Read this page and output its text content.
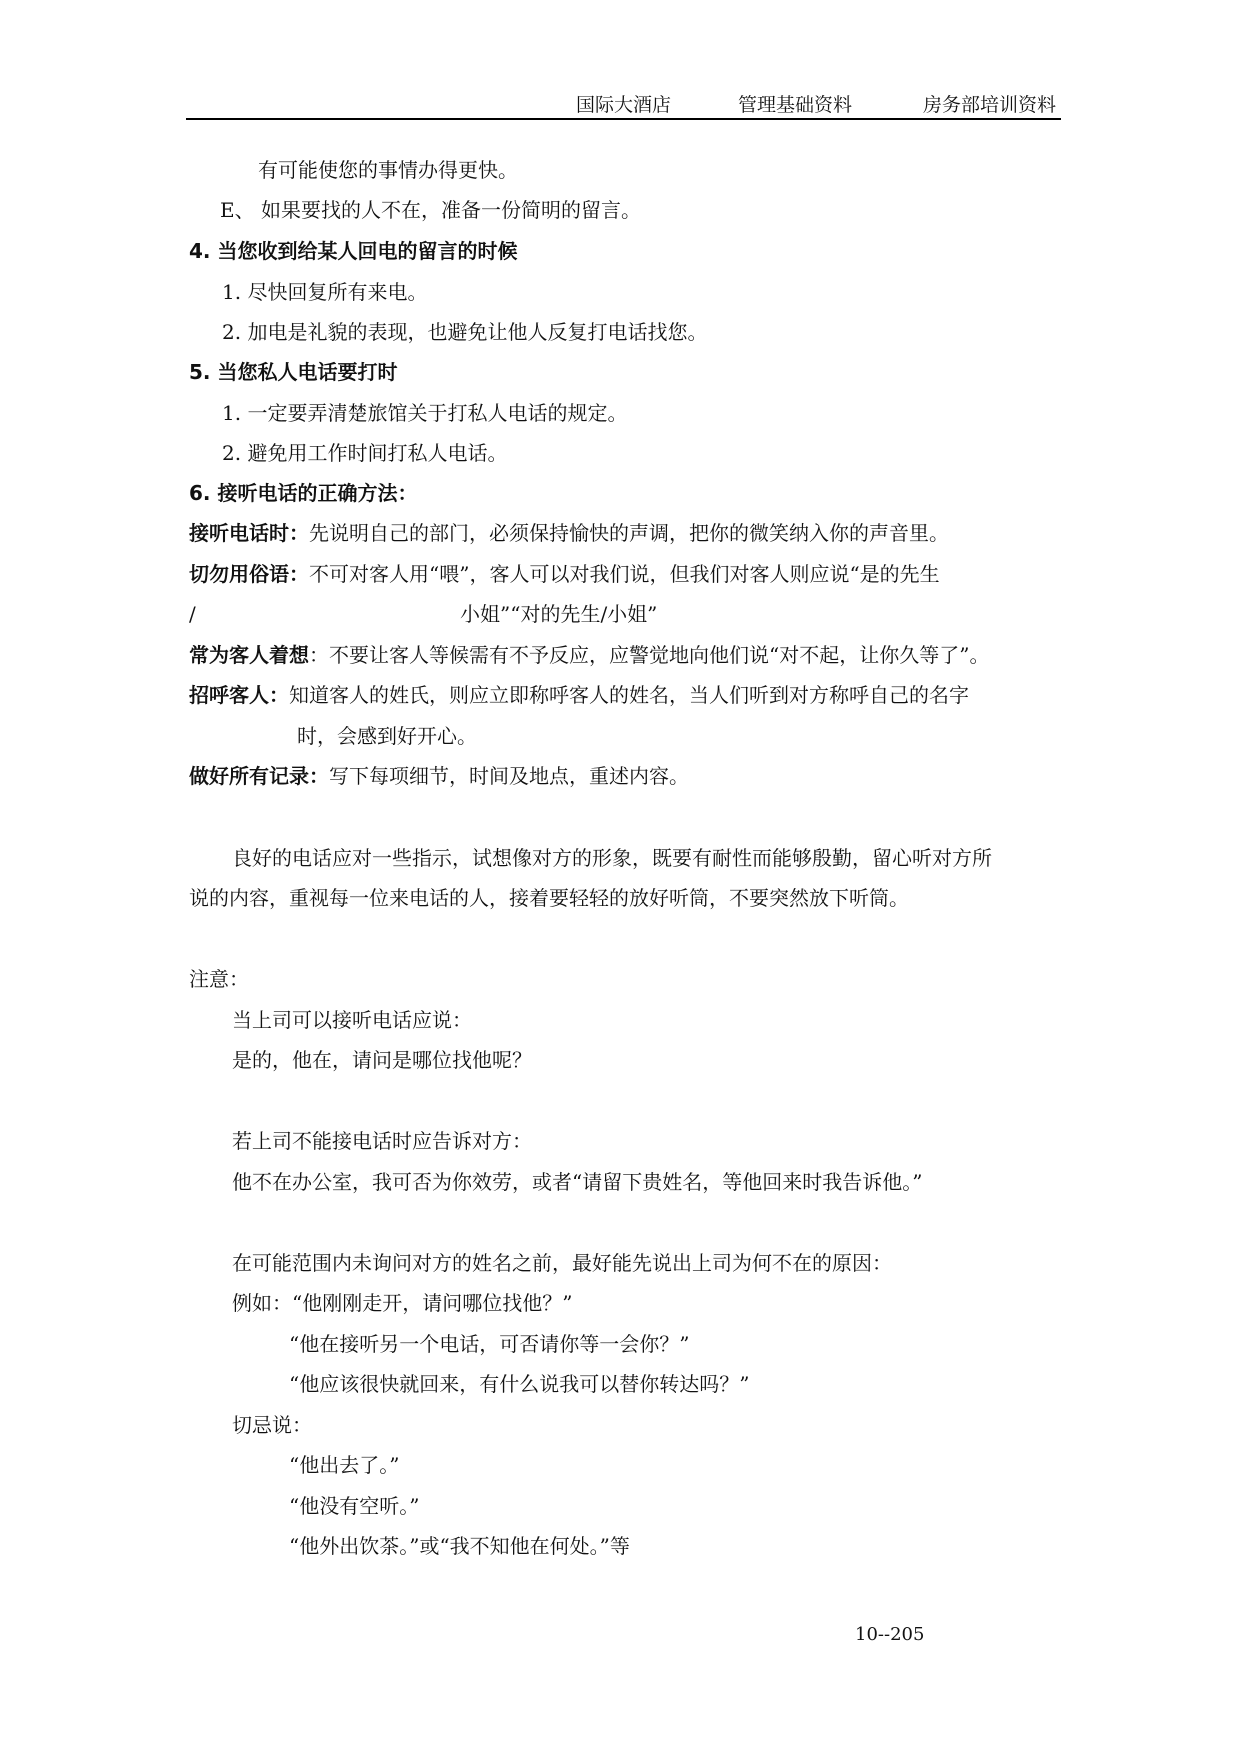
国际大酒店	管理基础资料	房务部培训资料
有可能使您的事情办得更快。
E、 如果要找的人不在，准备一份简明的留言。
4. 当您收到给某人回电的留言的时候
1. 尽快回复所有来电。
2. 加电是礼貌的表现，也避免让他人反复打电话找您。
5. 当您私人电话要打时
1. 一定要弄清楚旅馆关于打私人电话的规定。
2. 避免用工作时间打私人电话。
6. 接听电话的正确方法：
接听电话时：先说明自己的部门，必须保持愉快的声调，把你的微笑纳入你的声音里。
切勿用俗语：不可对客人用“喂”，客人可以对我们说，但我们对客人则应说“是的先生
/	小姐”“对的先生/小姐”
常为客人着想：不要让客人等候需有不予反应，应警觉地向他们说“对不起，让你久等了”。
招呼客人：知道客人的姓氏，则应立即称呼客人的姓名，当人们听到对方称呼自己的名字
时，会感到好开心。
做好所有记录：写下每项细节，时间及地点，重述内容。
良好的电话应对一些指示，试想像对方的形象，既要有耐性而能够殷勤，留心听对方所
说的内容，重视每一位来电话的人，接着要轻轻的放好听筒，不要突然放下听筒。
注意：
当上司可以接听电话应说：
是的，他在，请问是哪位找他呢？
若上司不能接电话时应告诉对方：
他不在办公室，我可否为你效劳，或者“请留下贵姓名，等他回来时我告诉他。”
在可能范围内未询问对方的姓名之前，最好能先说出上司为何不在的原因：
例如：“他刚刚走开，请问哪位找他？”
“他在接听另一个电话，可否请你等一会你？”
“他应该很快就回来，有什么说我可以替你转达吗？”
切忌说：
“他出去了。”
“他没有空听。”
“他外出饮茶。”或“我不知他在何处。”等
10--205
